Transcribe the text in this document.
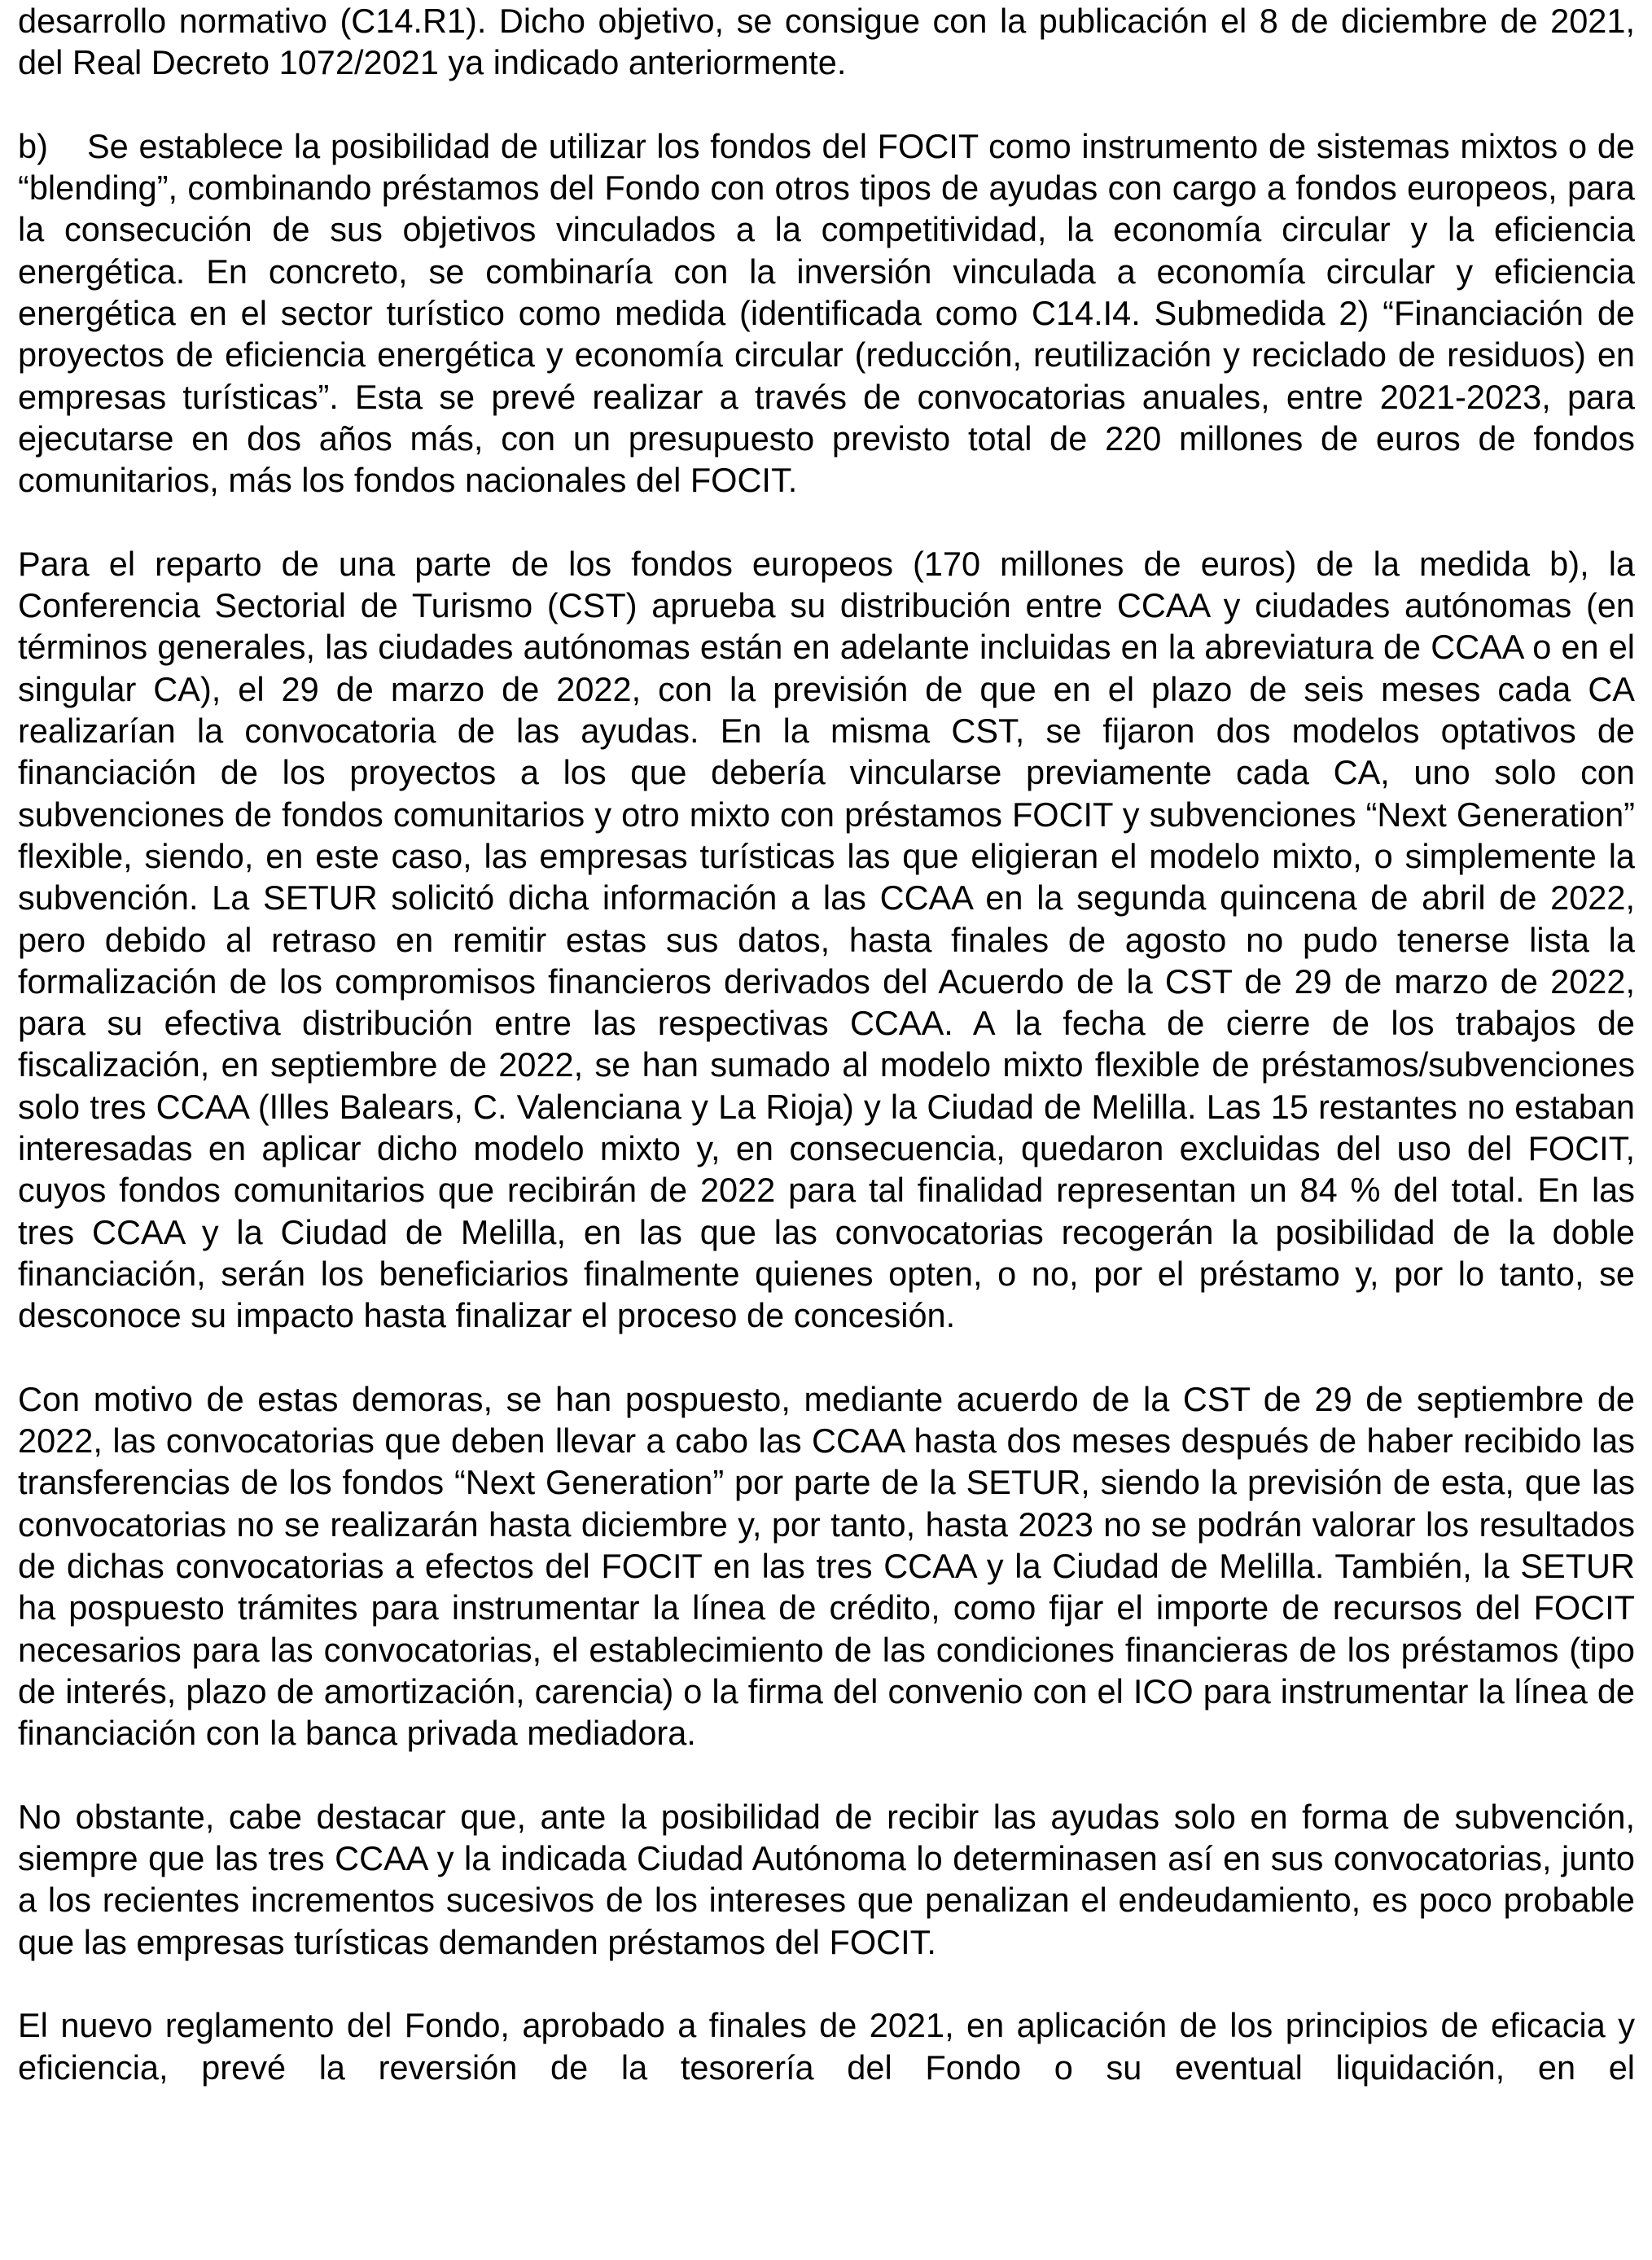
desarrollo normativo (C14.R1). Dicho objetivo, se consigue con la publicación el 8 de diciembre de 2021, del Real Decreto 1072/2021 ya indicado anteriormente.

b) Se establece la posibilidad de utilizar los fondos del FOCIT como instrumento de sistemas mixtos o de “blending”, combinando préstamos del Fondo con otros tipos de ayudas con cargo a fondos europeos, para la consecución de sus objetivos vinculados a la competitividad, la economía circular y la eficiencia energética. En concreto, se combinaría con la inversión vinculada a economía circular y eficiencia energética en el sector turístico como medida (identificada como C14.I4. Submedida 2) “Financiación de proyectos de eficiencia energética y economía circular (reducción, reutilización y reciclado de residuos) en empresas turísticas”. Esta se prevé realizar a través de convocatorias anuales, entre 2021-2023, para ejecutarse en dos años más, con un presupuesto previsto total de 220 millones de euros de fondos comunitarios, más los fondos nacionales del FOCIT.

Para el reparto de una parte de los fondos europeos (170 millones de euros) de la medida b), la Conferencia Sectorial de Turismo (CST) aprueba su distribución entre CCAA y ciudades autónomas (en términos generales, las ciudades autónomas están en adelante incluidas en la abreviatura de CCAA o en el singular CA), el 29 de marzo de 2022, con la previsión de que en el plazo de seis meses cada CA realizarían la convocatoria de las ayudas. En la misma CST, se fijaron dos modelos optativos de financiación de los proyectos a los que debería vincularse previamente cada CA, uno solo con subvenciones de fondos comunitarios y otro mixto con préstamos FOCIT y subvenciones “Next Generation” flexible, siendo, en este caso, las empresas turísticas las que eligieran el modelo mixto, o simplemente la subvención. La SETUR solicitó dicha información a las CCAA en la segunda quincena de abril de 2022, pero debido al retraso en remitir estas sus datos, hasta finales de agosto no pudo tenerse lista la formalización de los compromisos financieros derivados del Acuerdo de la CST de 29 de marzo de 2022, para su efectiva distribución entre las respectivas CCAA. A la fecha de cierre de los trabajos de fiscalización, en septiembre de 2022, se han sumado al modelo mixto flexible de préstamos/subvenciones solo tres CCAA (Illes Balears, C. Valenciana y La Rioja) y la Ciudad de Melilla. Las 15 restantes no estaban interesadas en aplicar dicho modelo mixto y, en consecuencia, quedaron excluidas del uso del FOCIT, cuyos fondos comunitarios que recibirán de 2022 para tal finalidad representan un 84 % del total. En las tres CCAA y la Ciudad de Melilla, en las que las convocatorias recogerán la posibilidad de la doble financiación, serán los beneficiarios finalmente quienes opten, o no, por el préstamo y, por lo tanto, se desconoce su impacto hasta finalizar el proceso de concesión.

Con motivo de estas demoras, se han pospuesto, mediante acuerdo de la CST de 29 de septiembre de 2022, las convocatorias que deben llevar a cabo las CCAA hasta dos meses después de haber recibido las transferencias de los fondos “Next Generation” por parte de la SETUR, siendo la previsión de esta, que las convocatorias no se realizarán hasta diciembre y, por tanto, hasta 2023 no se podrán valorar los resultados de dichas convocatorias a efectos del FOCIT en las tres CCAA y la Ciudad de Melilla. También, la SETUR ha pospuesto trámites para instrumentar la línea de crédito, como fijar el importe de recursos del FOCIT necesarios para las convocatorias, el establecimiento de las condiciones financieras de los préstamos (tipo de interés, plazo de amortización, carencia) o la firma del convenio con el ICO para instrumentar la línea de financiación con la banca privada mediadora.

No obstante, cabe destacar que, ante la posibilidad de recibir las ayudas solo en forma de subvención, siempre que las tres CCAA y la indicada Ciudad Autónoma lo determinasen así en sus convocatorias, junto a los recientes incrementos sucesivos de los intereses que penalizan el endeudamiento, es poco probable que las empresas turísticas demanden préstamos del FOCIT.

El nuevo reglamento del Fondo, aprobado a finales de 2021, en aplicación de los principios de eficacia y eficiencia, prevé la reversión de la tesorería del Fondo o su eventual liquidación, en el
